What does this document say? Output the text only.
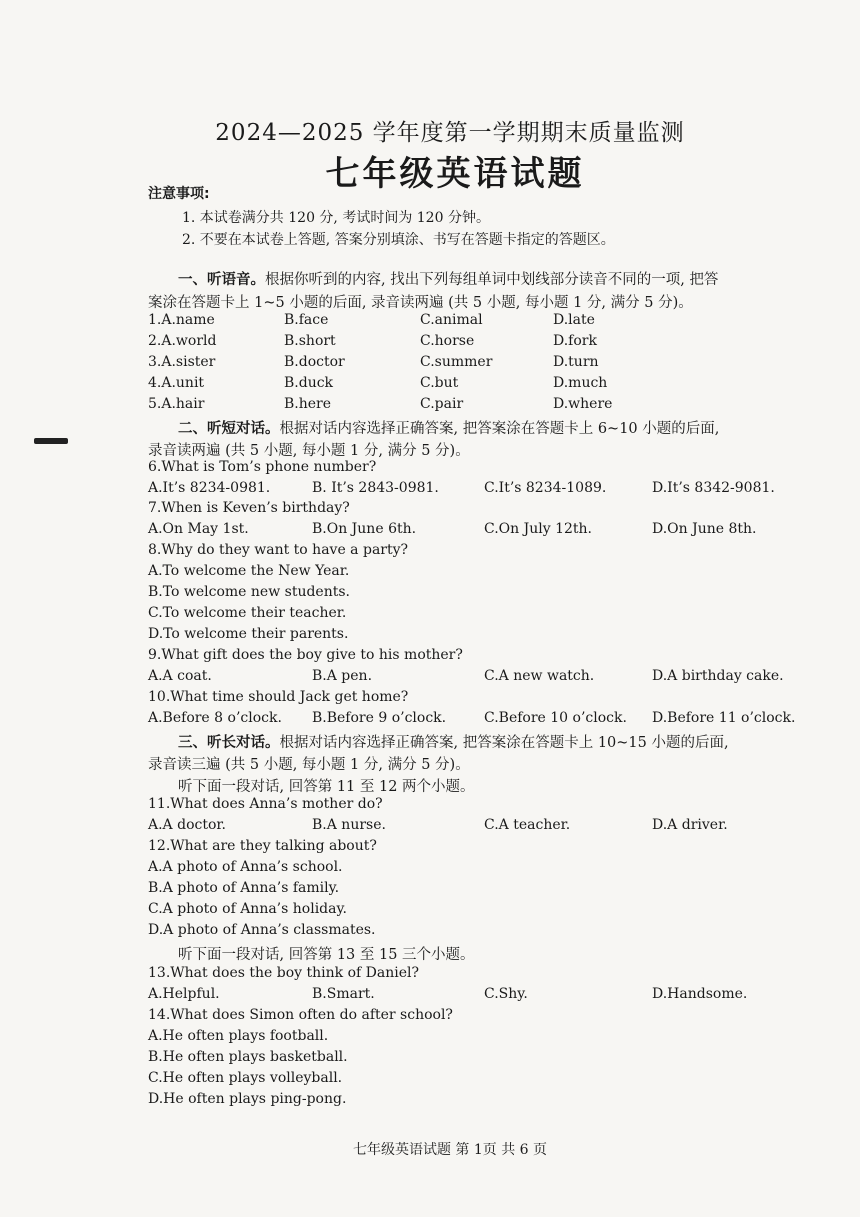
2024—2025 学年度第一学期期末质量监测
七年级英语试题
注意事项:
1. 本试卷满分共 120 分, 考试时间为 120 分钟。
2. 不要在本试卷上答题, 答案分别填涂、书写在答题卡指定的答题区。
一、听语音。根据你听到的内容, 找出下列每组单词中划线部分读音不同的一项, 把答
案涂在答题卡上 1~5 小题的后面, 录音读两遍 (共 5 小题, 每小题 1 分, 满分 5 分)。
1.A.name	B.face	C.animal	D.late
2.A.world	B.short	C.horse	D.fork
3.A.sister	B.doctor	C.summer	D.turn
4.A.unit	B.duck	C.but	D.much
5.A.hair	B.here	C.pair	D.where
二、听短对话。根据对话内容选择正确答案, 把答案涂在答题卡上 6~10 小题的后面,
录音读两遍 (共 5 小题, 每小题 1 分, 满分 5 分)。
6.What is Tom’s phone number?
A.It’s 8234-0981.	B. It’s 2843-0981.	C.It’s 8234-1089.	D.It’s 8342-9081.
7.When is Keven’s birthday?
A.On May 1st.	B.On June 6th.	C.On July 12th.	D.On June 8th.
8.Why do they want to have a party?
A.To welcome the New Year.
B.To welcome new students.
C.To welcome their teacher.
D.To welcome their parents.
9.What gift does the boy give to his mother?
A.A coat.	B.A pen.	C.A new watch.	D.A birthday cake.
10.What time should Jack get home?
A.Before 8 o’clock. B.Before 9 o’clock.	C.Before 10 o’clock. D.Before 11 o’clock.
三、听长对话。根据对话内容选择正确答案, 把答案涂在答题卡上 10~15 小题的后面,
录音读三遍 (共 5 小题, 每小题 1 分, 满分 5 分)。
听下面一段对话, 回答第 11 至 12 两个小题。
11.What does Anna’s mother do?
A.A doctor.	B.A nurse.	C.A teacher.	D.A driver.
12.What are they talking about?
A.A photo of Anna’s school.
B.A photo of Anna’s family.
C.A photo of Anna’s holiday.
D.A photo of Anna’s classmates.
听下面一段对话, 回答第 13 至 15 三个小题。
13.What does the boy think of Daniel?
A.Helpful.	B.Smart.	C.Shy.	D.Handsome.
14.What does Simon often do after school?
A.He often plays football.
B.He often plays basketball.
C.He often plays volleyball.
D.He often plays ping-pong.
七年级英语试题 第 1页 共 6 页
